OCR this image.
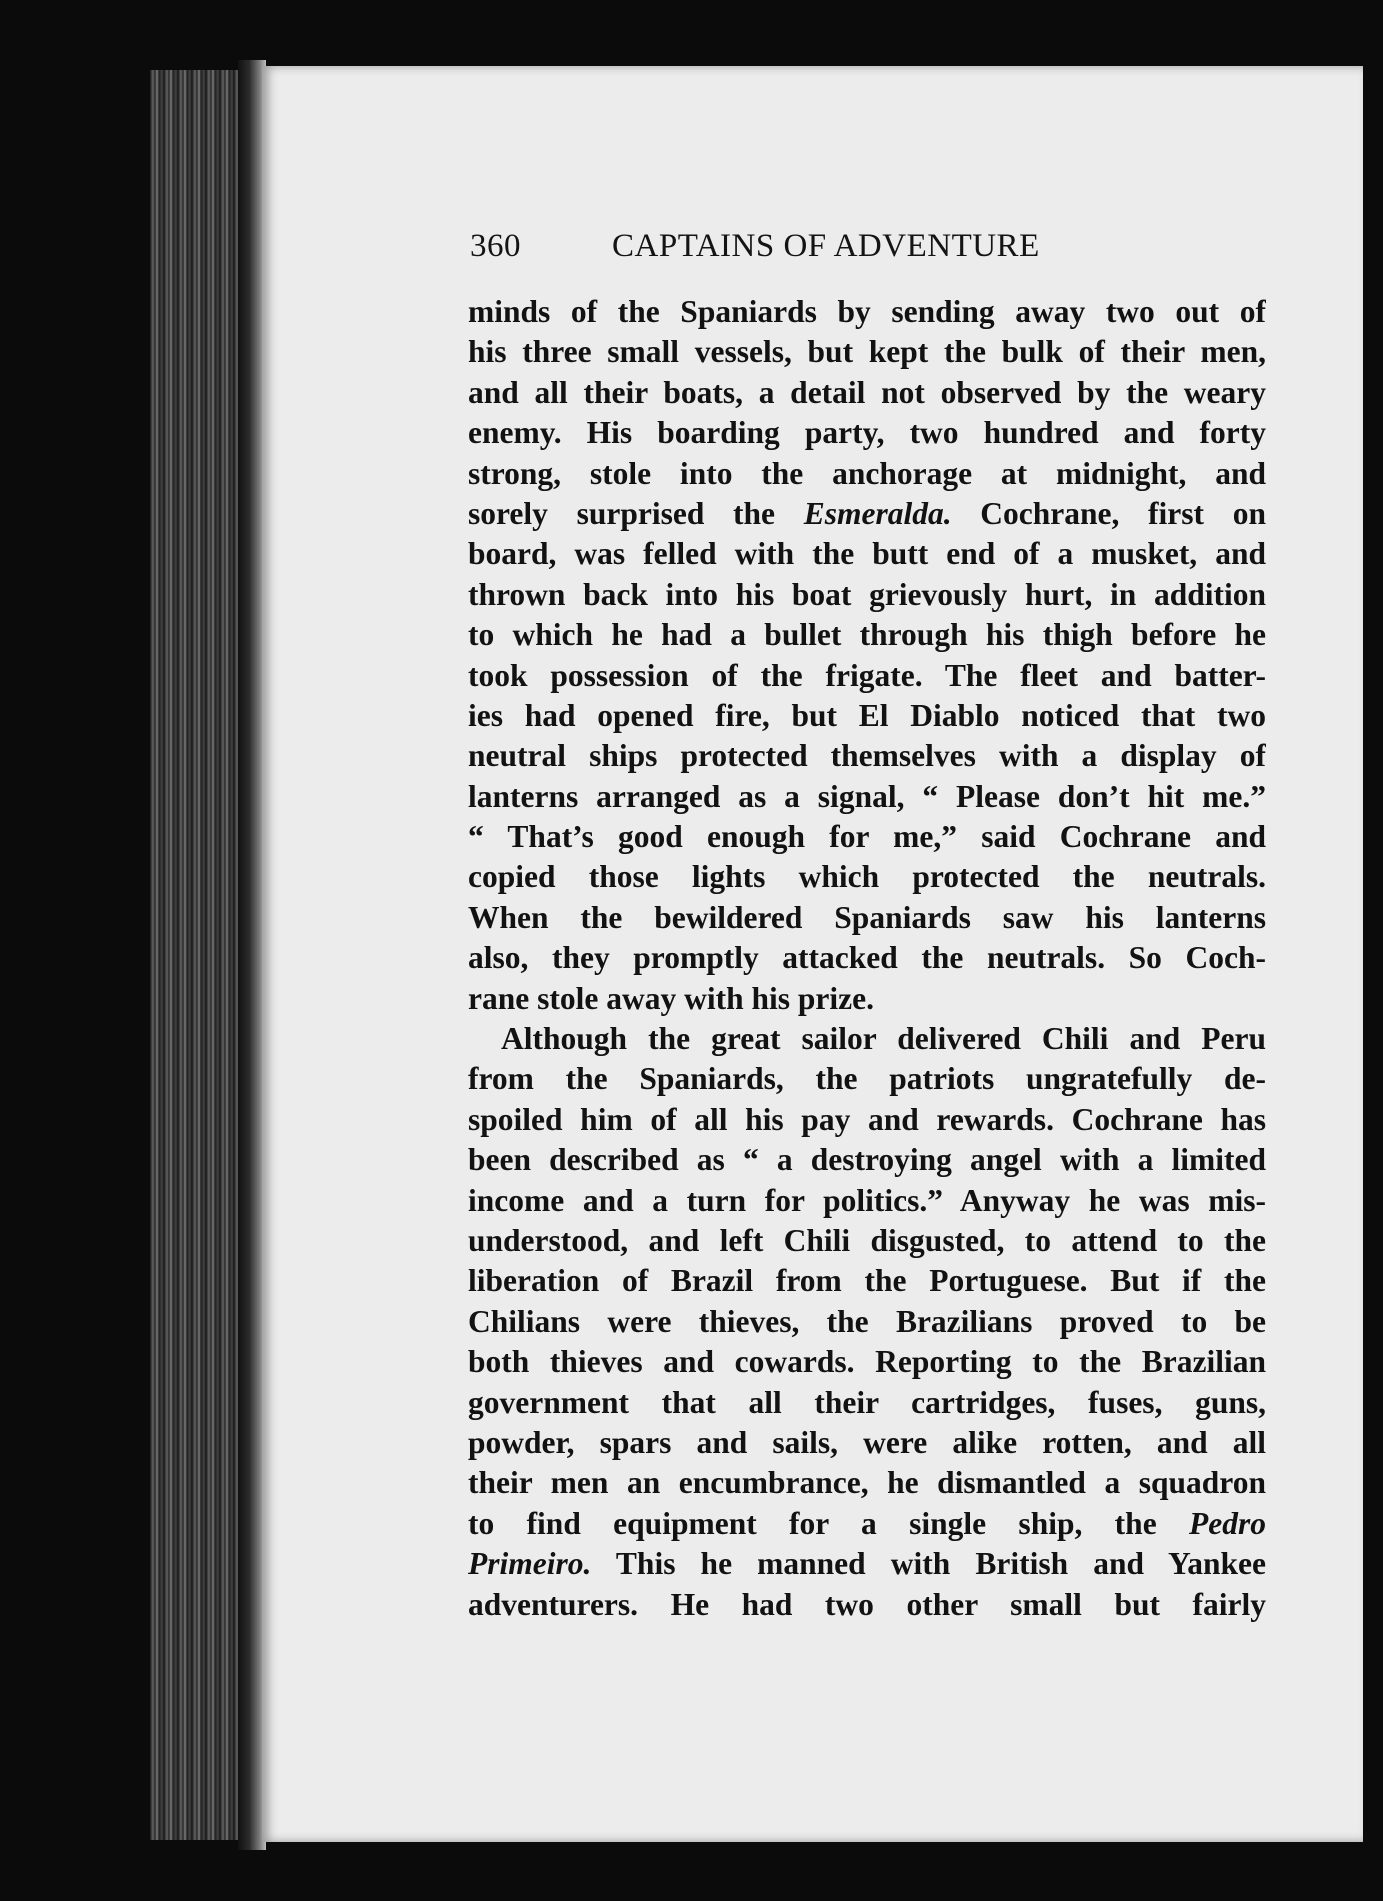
360	CAPTAINS OF ADVENTURE
minds of the Spaniards by sending away two out of
his three small vessels, but kept the bulk of their men,
and all their boats, a detail not observed by the weary
enemy. His boarding party, two hundred and forty
strong, stole into the anchorage at midnight, and
sorely surprised the Esmeralda. Cochrane, first on
board, was felled with the butt end of a musket, and
thrown back into his boat grievously hurt, in addition
to which he had a bullet through his thigh before he
took possession of the frigate. The fleet and batter-
ies had opened fire, but El Diablo noticed that two
neutral ships protected themselves with a display of
lanterns arranged as a signal, “ Please don’t hit me.”
“ That’s good enough for me,” said Cochrane and
copied those lights which protected the neutrals.
When the bewildered Spaniards saw his lanterns
also, they promptly attacked the neutrals. So Coch-
rane stole away with his prize.
Although the great sailor delivered Chili and Peru
from the Spaniards, the patriots ungratefully de-
spoiled him of all his pay and rewards. Cochrane has
been described as “ a destroying angel with a limited
income and a turn for politics.” Anyway he was mis-
understood, and left Chili disgusted, to attend to the
liberation of Brazil from the Portuguese. But if the
Chilians were thieves, the Brazilians proved to be
both thieves and cowards. Reporting to the Brazilian
government that all their cartridges, fuses, guns,
powder, spars and sails, were alike rotten, and all
their men an encumbrance, he dismantled a squadron
to find equipment for a single ship, the Pedro
Primeiro. This he manned with British and Yankee
adventurers. He had two other small but fairly
